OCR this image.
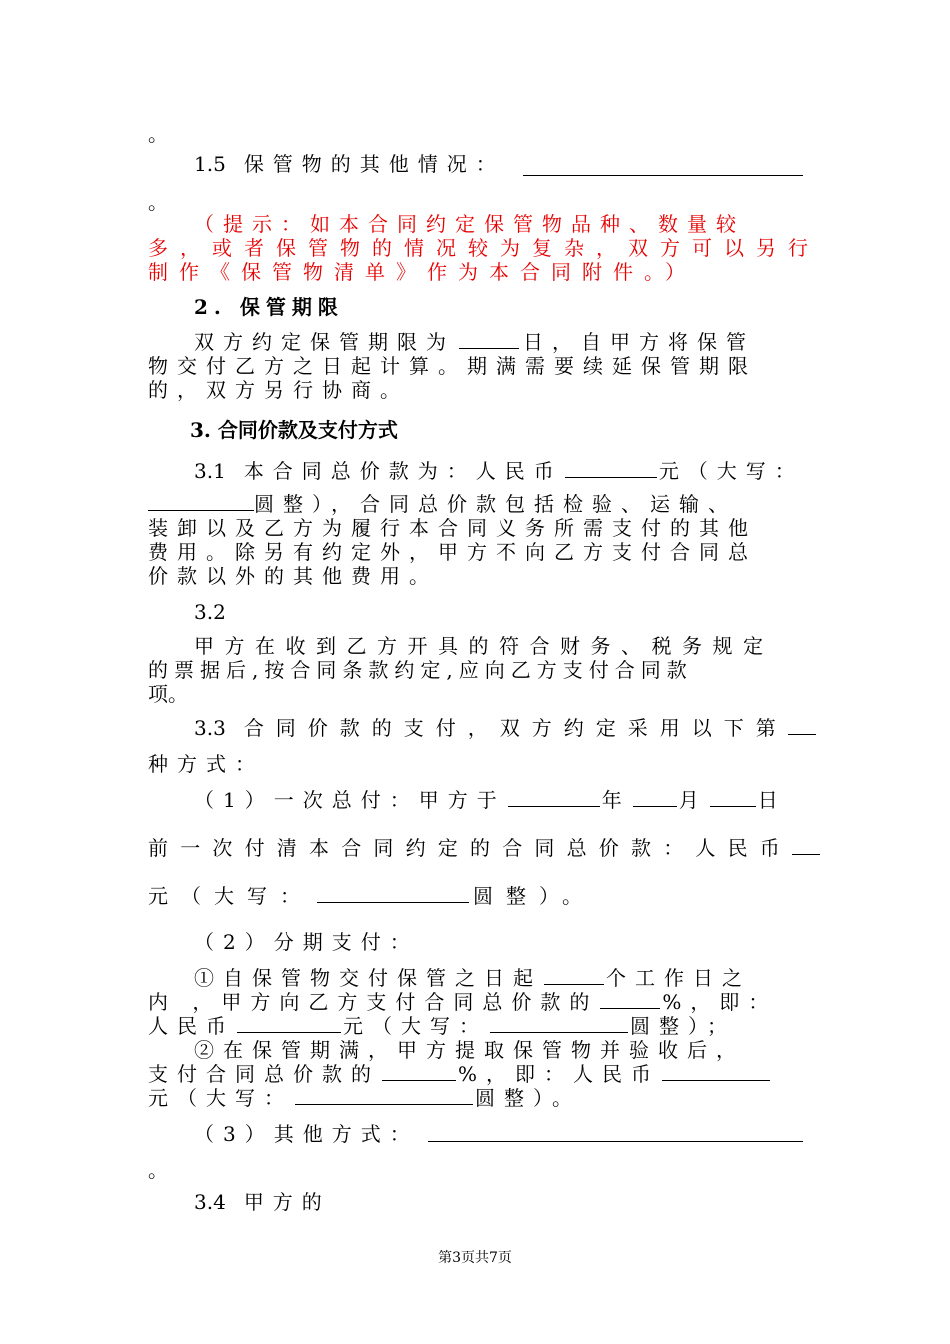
。
1.5 保管物的其他情况：
。
（提示：如本合同约定保管物品种、数量较
多，或者保管物的情况较为复杂，双方可以另行
制作《保管物清单》作为本合同附件。）
2. 保管期限
双方约定保管期限为	日，自甲方将保管
物交付乙方之日起计算。期满需要续延保管期限
的，双方另行协商。
3. 合同价款及支付方式
3.1 本合同总价款为：人民币	元（大写：
圆整），合同总价款包括检验、运输、
装卸以及乙方为履行本合同义务所需支付的其他
费用。除另有约定外，甲方不向乙方支付合同总
价款以外的其他费用。
3.2
甲方在收到乙方开具的符合财务、税务规定
的票据后,按合同条款约定,应向乙方支付合同款
项。
3.3 合同价款的支付，双方约定采用以下第
种方式：
（1）一次总付：甲方于	年 月	日
前一次付清本合同约定的合同总价款：人民币
元（大写：	圆整）。
（2）分期支付：
①自保管物交付保管之日起	个工作日之
内 ，甲方向乙方支付合同总价款的	%，即：
人民币	元（大写：	圆整）；
②在保管期满，甲方提取保管物并验收后，
支付合同总价款的	%，即：人民币
元（大写：	圆整）。
（3）其他方式：
。
3.4 甲方的
第3页共7页
